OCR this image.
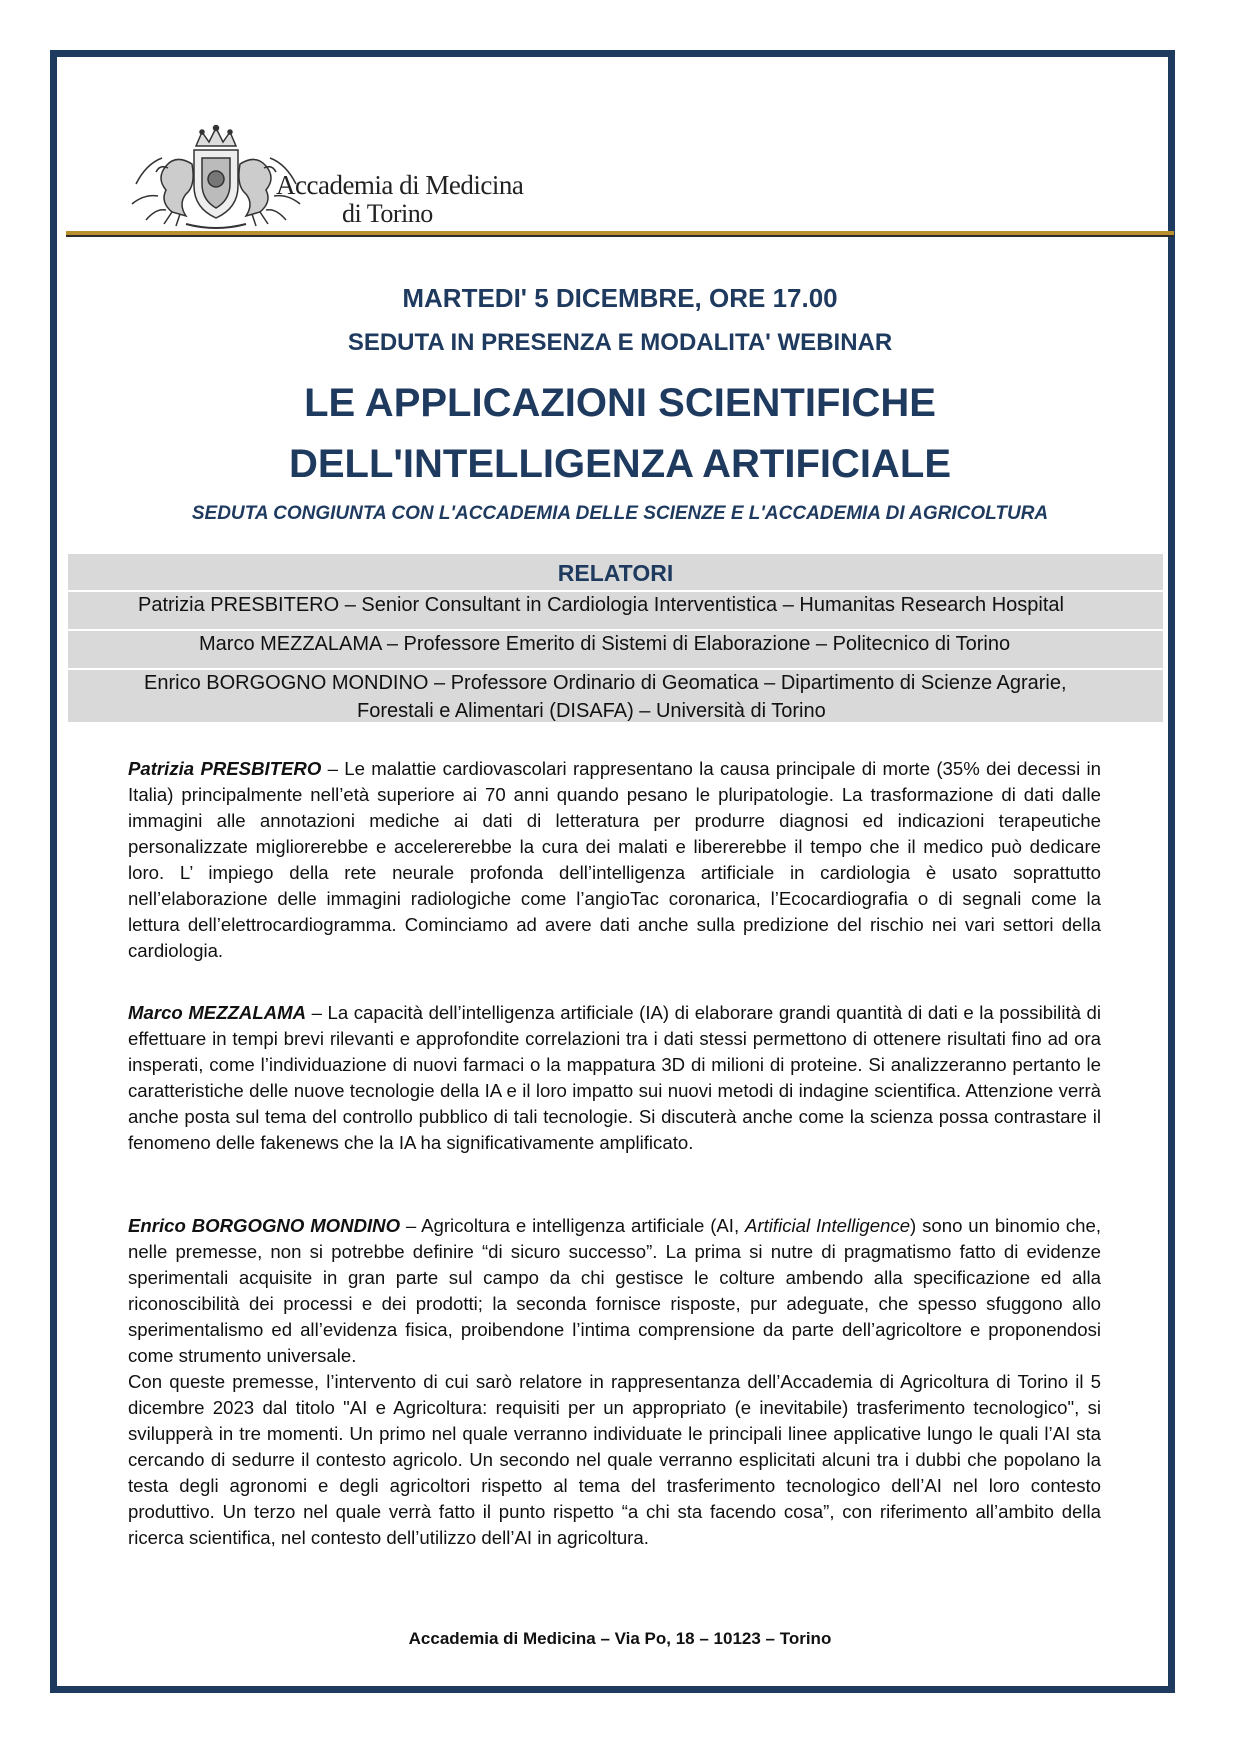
Accademia di Medicina
di Torino
MARTEDI' 5 DICEMBRE, ORE 17.00
SEDUTA IN PRESENZA E MODALITA' WEBINAR
LE APPLICAZIONI SCIENTIFICHE
DELL'INTELLIGENZA ARTIFICIALE
SEDUTA CONGIUNTA CON L'ACCADEMIA DELLE SCIENZE E L'ACCADEMIA DI AGRICOLTURA
RELATORI
Patrizia PRESBITERO – Senior Consultant in Cardiologia Interventistica – Humanitas Research Hospital
Marco MEZZALAMA – Professore Emerito di Sistemi di Elaborazione – Politecnico di Torino
Enrico BORGOGNO MONDINO – Professore Ordinario di Geomatica – Dipartimento di Scienze Agrarie,
Forestali e Alimentari (DISAFA) – Università di Torino

Patrizia PRESBITERO – Le malattie cardiovascolari rappresentano la causa principale di morte (35% dei decessi in Italia) principalmente nell’età superiore ai 70 anni quando pesano le pluripatologie. La trasformazione di dati dalle immagini alle annotazioni mediche ai dati di letteratura per produrre diagnosi ed indicazioni terapeutiche personalizzate migliorerebbe e accelererebbe la cura dei malati e libererebbe il tempo che il medico può dedicare loro. L’ impiego della rete neurale profonda dell’intelligenza artificiale in cardiologia è usato soprattutto nell’elaborazione delle immagini radiologiche come l’angioTac coronarica, l’Ecocardiografia o di segnali come la lettura dell’elettrocardiogramma. Cominciamo ad avere dati anche sulla predizione del rischio nei vari settori della cardiologia.

Marco MEZZALAMA – La capacità dell’intelligenza artificiale (IA) di elaborare grandi quantità di dati e la possibilità di effettuare in tempi brevi rilevanti e approfondite correlazioni tra i dati stessi permettono di ottenere risultati fino ad ora insperati, come l’individuazione di nuovi farmaci o la mappatura 3D di milioni di proteine. Si analizzeranno pertanto le caratteristiche delle nuove tecnologie della IA e il loro impatto sui nuovi metodi di indagine scientifica. Attenzione verrà anche posta sul tema del controllo pubblico di tali tecnologie. Si discuterà anche come la scienza possa contrastare il fenomeno delle fakenews che la IA ha significativamente amplificato.

Enrico BORGOGNO MONDINO – Agricoltura e intelligenza artificiale (AI, Artificial Intelligence) sono un binomio che, nelle premesse, non si potrebbe definire “di sicuro successo”. La prima si nutre di pragmatismo fatto di evidenze sperimentali acquisite in gran parte sul campo da chi gestisce le colture ambendo alla specificazione ed alla riconoscibilità dei processi e dei prodotti; la seconda fornisce risposte, pur adeguate, che spesso sfuggono allo sperimentalismo ed all’evidenza fisica, proibendone l’intima comprensione da parte dell’agricoltore e proponendosi come strumento universale.

Con queste premesse, l’intervento di cui sarò relatore in rappresentanza dell’Accademia di Agricoltura di Torino il 5 dicembre 2023 dal titolo "AI e Agricoltura: requisiti per un appropriato (e inevitabile) trasferimento tecnologico", si svilupperà in tre momenti. Un primo nel quale verranno individuate le principali linee applicative lungo le quali l’AI sta cercando di sedurre il contesto agricolo. Un secondo nel quale verranno esplicitati alcuni tra i dubbi che popolano la testa degli agronomi e degli agricoltori rispetto al tema del trasferimento tecnologico dell’AI nel loro contesto produttivo. Un terzo nel quale verrà fatto il punto rispetto “a chi sta facendo cosa”, con riferimento all’ambito della ricerca scientifica, nel contesto dell’utilizzo dell’AI in agricoltura.

Accademia di Medicina – Via Po, 18 – 10123 – Torino
